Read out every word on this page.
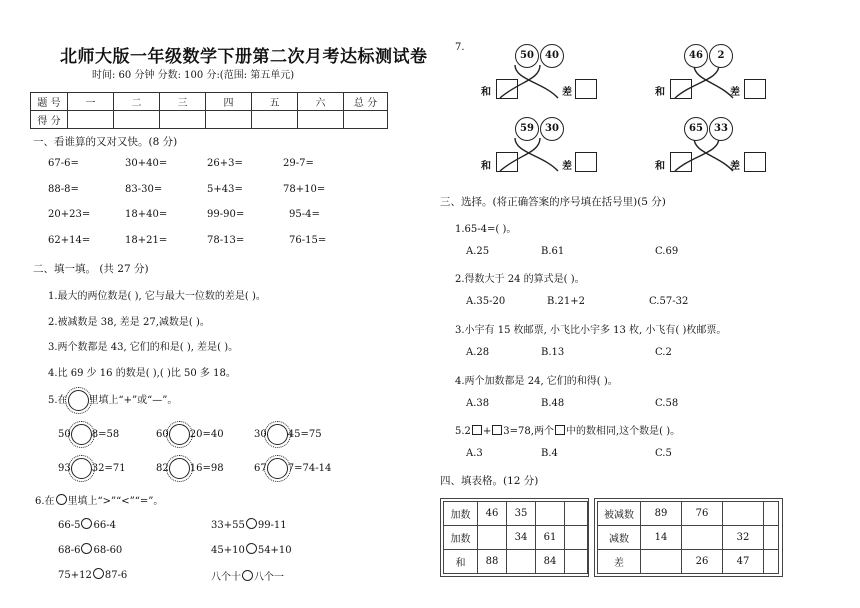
北师大版一年级数学下册第二次月考达标测试卷
时间: 60 分钟 分数: 100 分:(范围: 第五单元)
题 号	一	二	三	四	五	六	总 分
得 分							
一、看谁算的又对又快。(8 分)
67-6=	30+40=	26+3=	29-7=
88-8=	83-30=	5+43=	78+10=
20+23=	18+40=	99-90=	95-4=
62+14=	18+21=	78-13=	76-15=
二、填一填。 (共 27 分)
1.最大的两位数是( ), 它与最大一位数的差是( )。
2.被减数是 38, 差是 27,减数是( )。
3.两个数都是 43, 它们的和是( ), 差是( )。
4.比 69 少 16 的数是( ),( )比 50 多 18。
5.在 里填上“+”或“—”。
50 8=58	60 20=40	30 45=75
93 32=71	82 16=98	67 7=74-14
6.在 里填上“>”“<”“=”。
66-5 66-4	33+55 99-11
68-6 68-60	45+10 54+10
75+12 87-6	八个十 八个一
7.
50	40
和	差
46	2
和	差
59	30
和	差
65	33
和	差
三、选择。(将正确答案的序号填在括号里)(5 分)
1.65-4=( )。
A.25	B.61	C.69
2.得数大于 24 的算式是( )。
A.35-20	B.21+2	C.57-32
3.小宇有 15 枚邮票, 小飞比小宇多 13 枚, 小飞有( )枚邮票。
A.28	B.13	C.2
4.两个加数都是 24, 它们的和得( )。
A.38	B.48	C.58
5.2 + 3=78,两个 中的数相同,这个数是( )。
A.3	B.4	C.5
四、填表格。(12 分)
加数	46	35		
加数		34	61	
和	88		84	
被减数	89	76		
减数	14		32	
差		26	47	
